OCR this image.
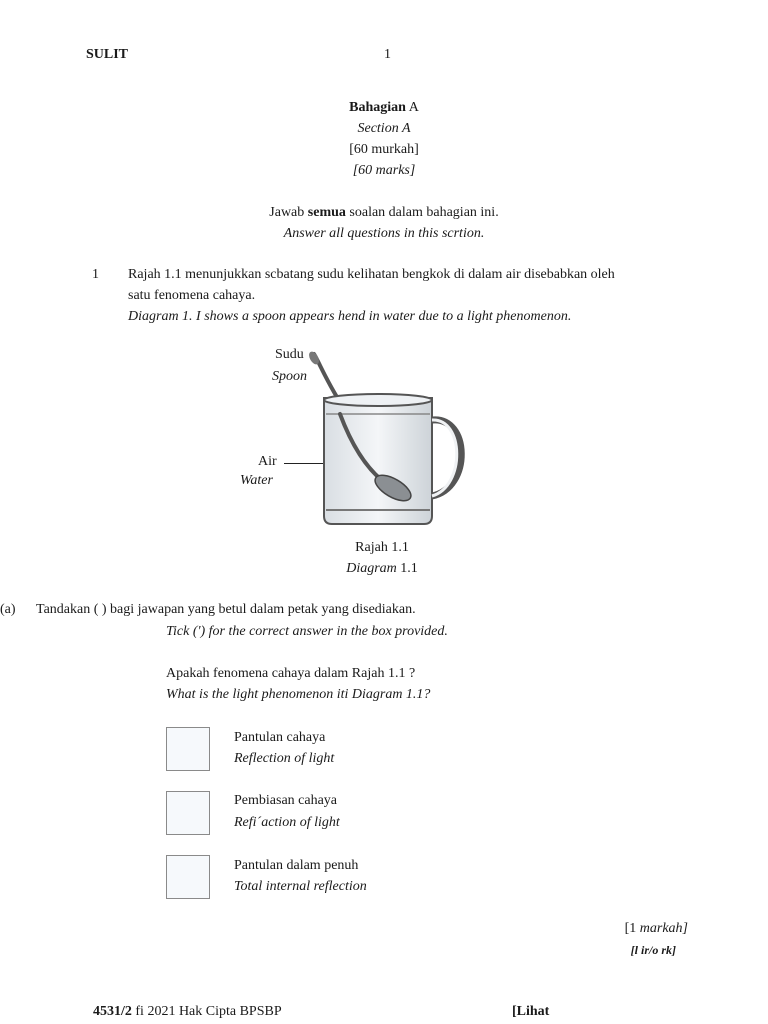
SULIT	1
Bahagian A
Section A
[60 murkah]
[60 marks]
Jawab semua soalan dalam bahagian ini.
Answer all questions in this scrtion.
1 Rajah 1.1 menunjukkan scbatang sudu kelihatan bengkok di dalam air disebabkan oleh
satu fenomena cahaya.
Diagram 1. I shows a spoon appears hend in water due to a light phenomenon.
Sudu
Spoon
Air
Water
Rajah 1.1
Diagram 1.1
(a) Tandakan ( ) bagi jawapan yang betul dalam petak yang disediakan.
Tick (') for the correct answer in the box provided.
Apakah fenomena cahaya dalam Rajah 1.1 ?
What is the light phenomenon iti Diagram 1.1?
Pantulan cahaya
Reflection of light
Pembiasan cahaya
Refi´action of light
Pantulan dalam penuh
Total internal reflection
[1 markah]
[l ir/o rk]
4531/2 fi 2021 Hak Cipta BPSBP	[Lihat
